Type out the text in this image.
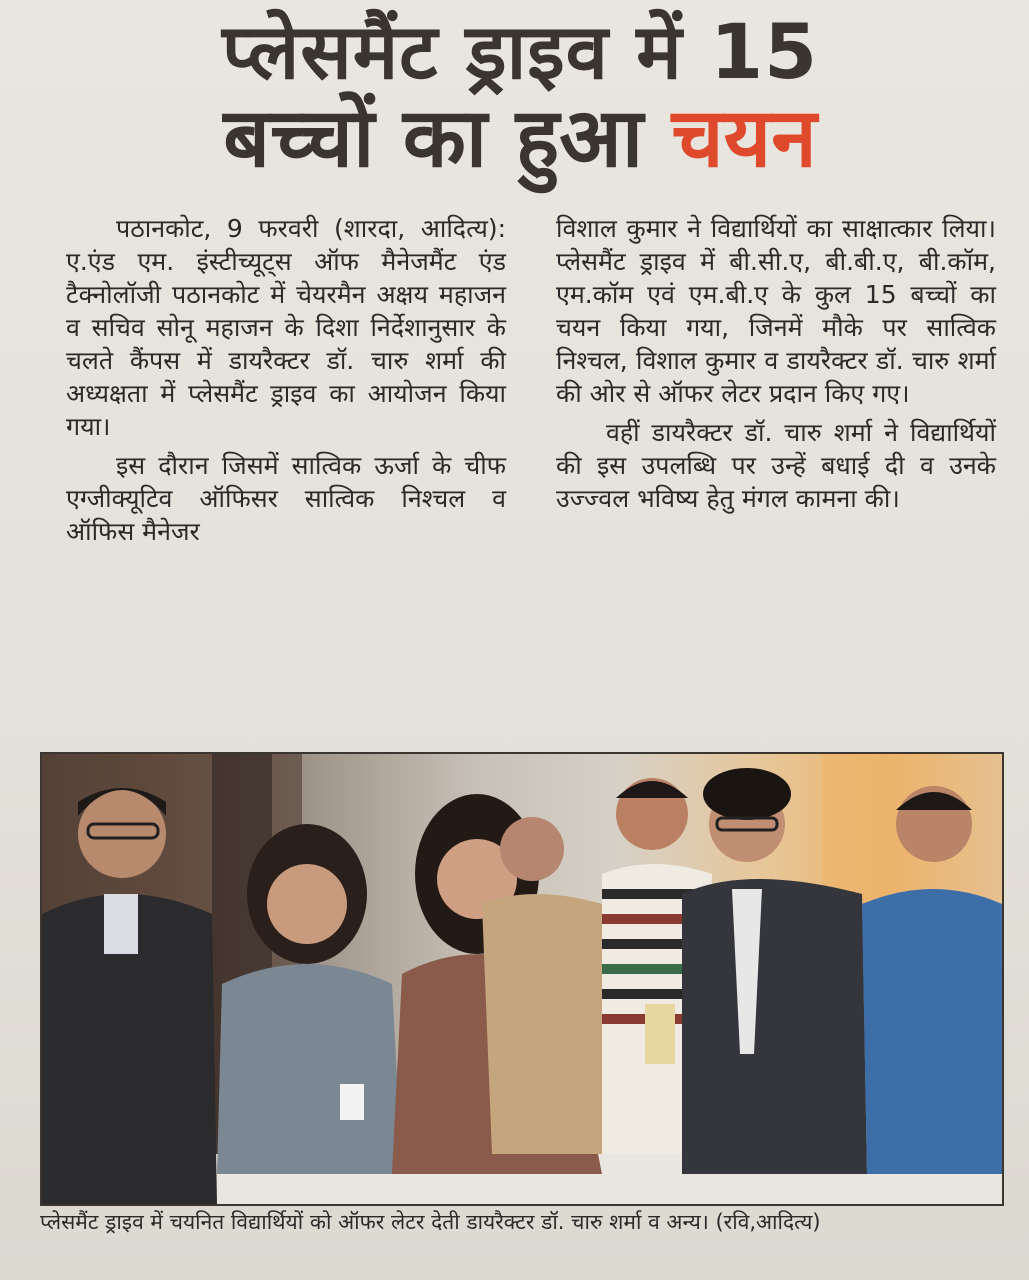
प्लेसमैंट ड्राइव में 15
बच्चों का हुआ चयन

पठानकोट, 9 फरवरी (शारदा, आदित्य): ए.एंड एम. इंस्टीच्यूट्स ऑफ मैनेजमैंट एंड टैक्नोलॉजी पठानकोट में चेयरमैन अक्षय महाजन व सचिव सोनू महाजन के दिशा निर्देशानुसार के चलते कैंपस में डायरैक्टर डॉ. चारु शर्मा की अध्यक्षता में प्लेसमैंट ड्राइव का आयोजन किया गया।

इस दौरान जिसमें सात्विक ऊर्जा के चीफ एग्जीक्यूटिव ऑफिसर सात्विक निश्चल व ऑफिस मैनेजर

विशाल कुमार ने विद्यार्थियों का साक्षात्कार लिया। प्लेसमैंट ड्राइव में बी.सी.ए, बी.बी.ए, बी.कॉम, एम.कॉम एवं एम.बी.ए के कुल 15 बच्चों का चयन किया गया, जिनमें मौके पर सात्विक निश्चल, विशाल कुमार व डायरैक्टर डॉ. चारु शर्मा की ओर से ऑफर लेटर प्रदान किए गए।

वहीं डायरैक्टर डॉ. चारु शर्मा ने विद्यार्थियों की इस उपलब्धि पर उन्हें बधाई दी व उनके उज्ज्वल भविष्य हेतु मंगल कामना की।

प्लेसमैंट ड्राइव में चयनित विद्यार्थियों को ऑफर लेटर देती डायरैक्टर डॉ. चारु शर्मा व अन्य। (रवि,आदित्य)
